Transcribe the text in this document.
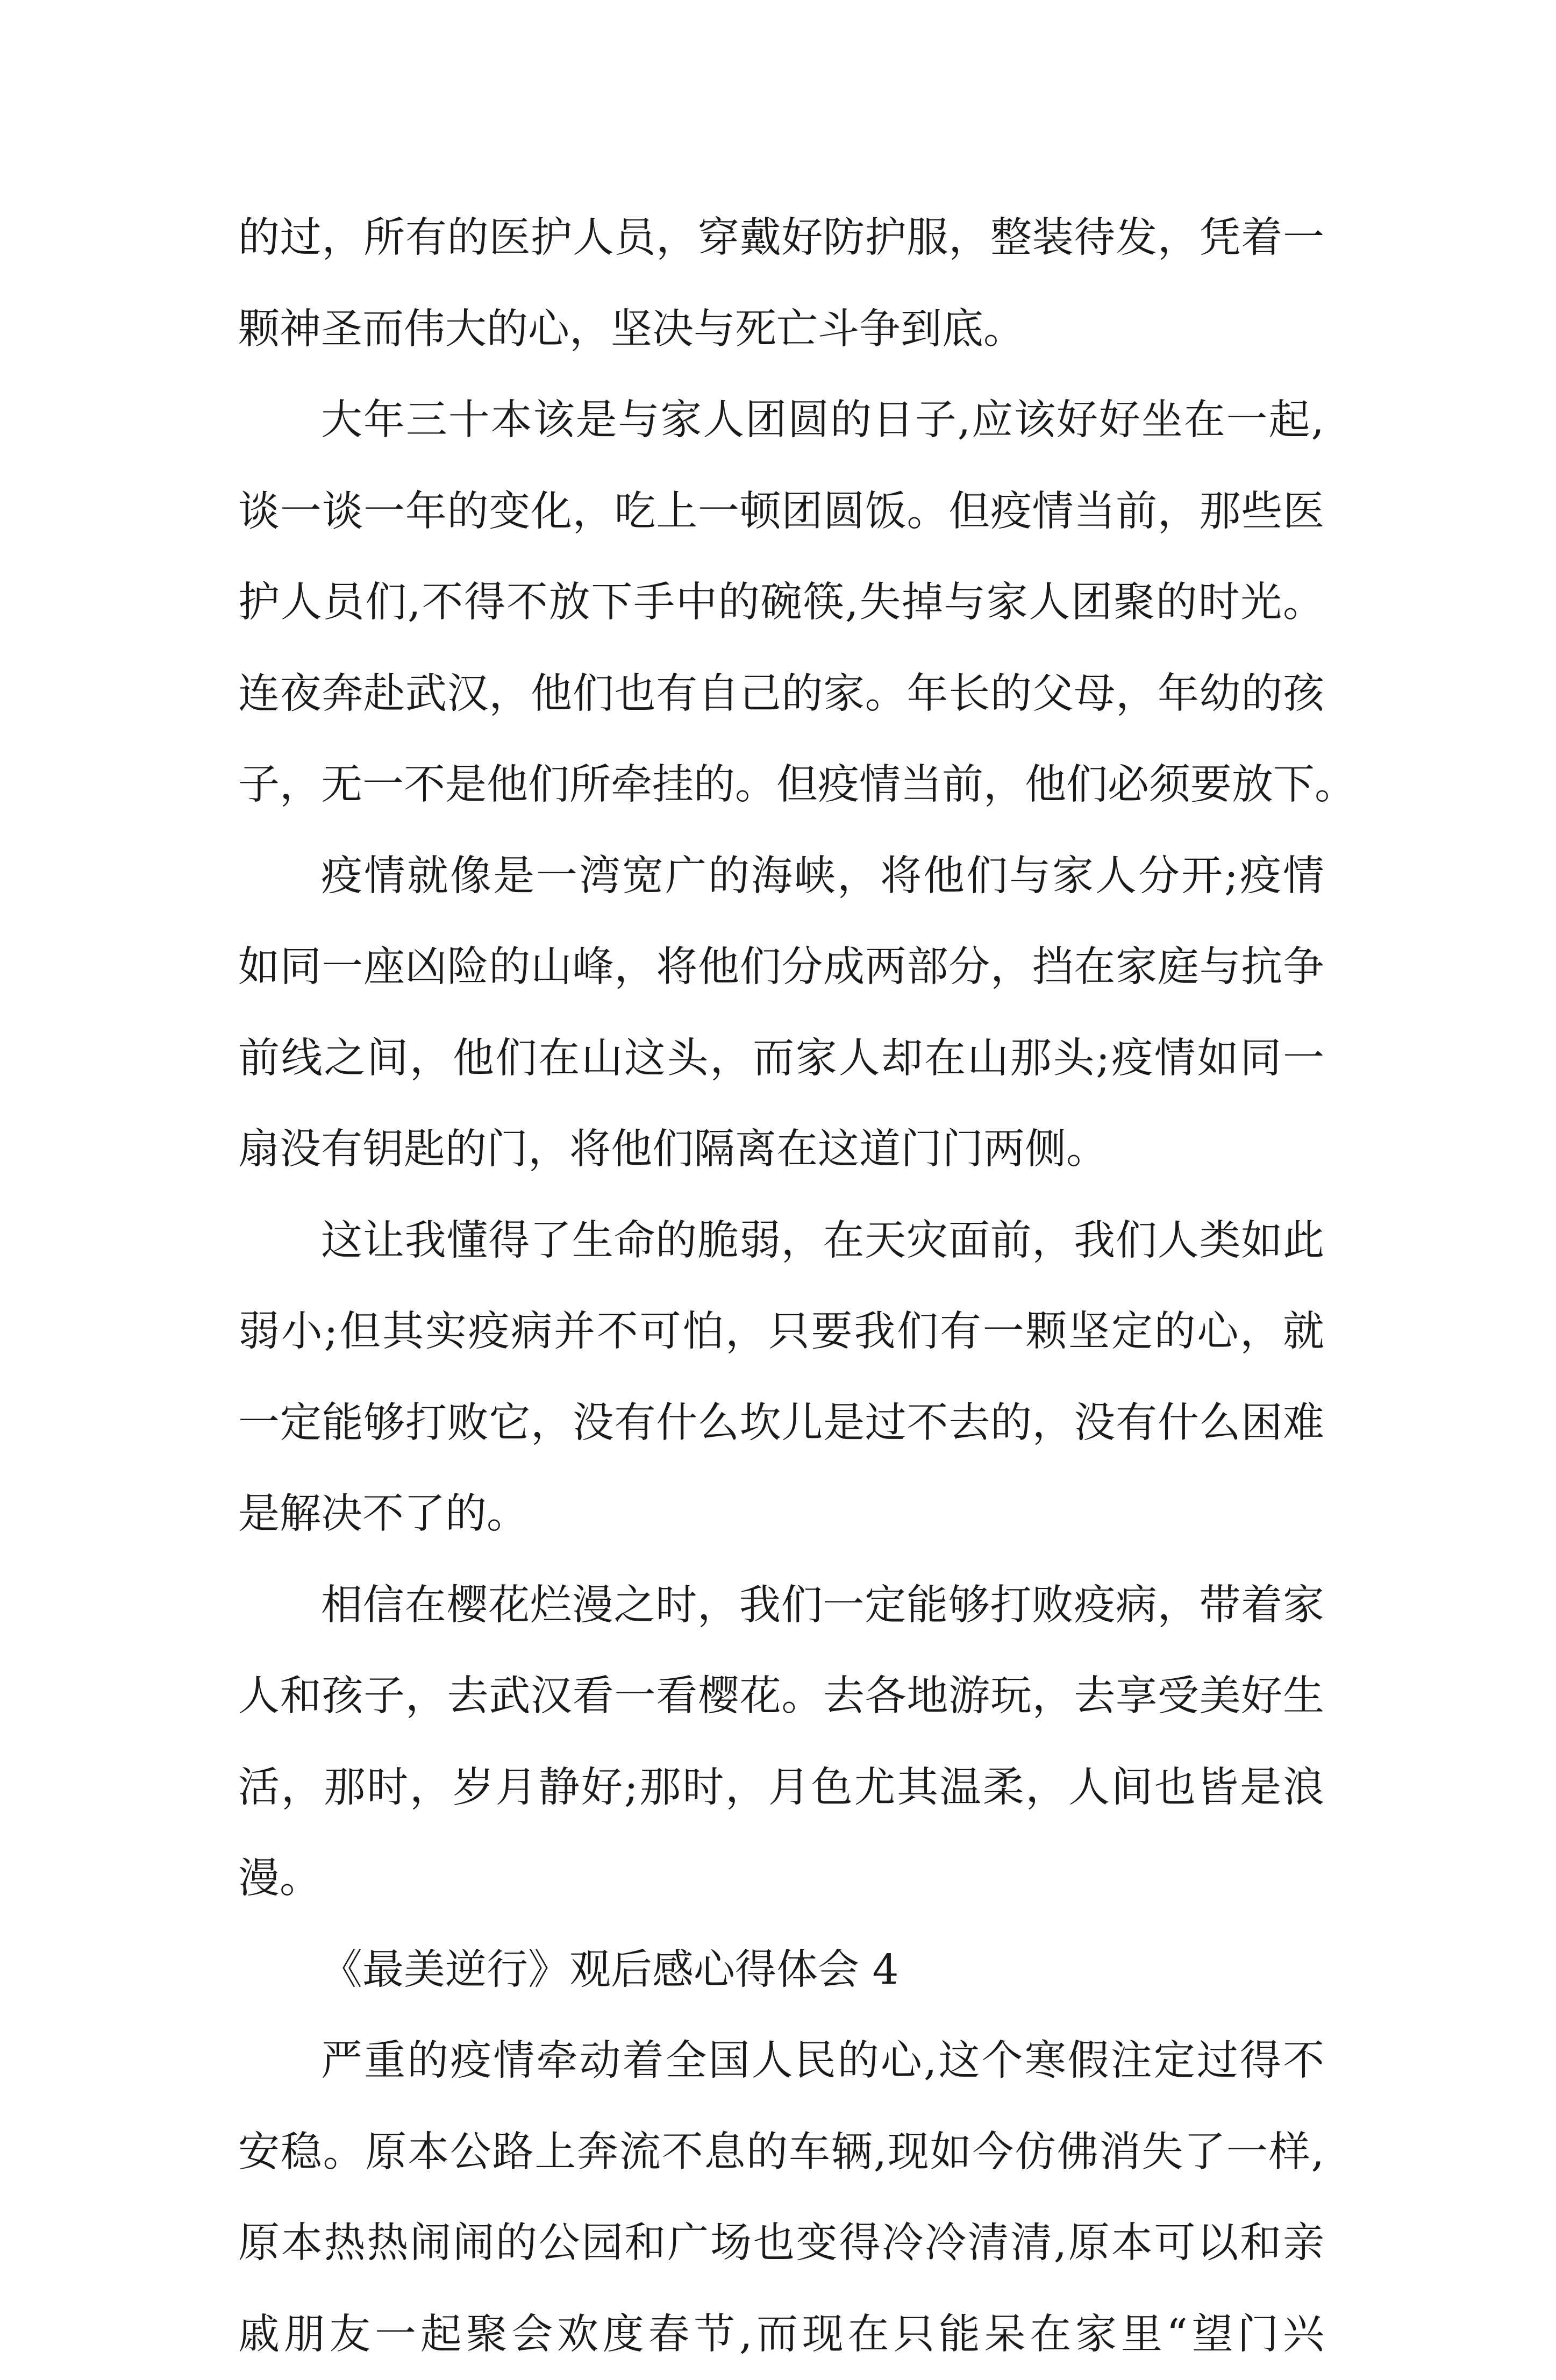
的过，所有的医护人员，穿戴好防护服，整装待发，凭着一
颗神圣而伟大的心，坚决与死亡斗争到底。
大年三十本该是与家人团圆的日子,应该好好坐在一起,
谈一谈一年的变化，吃上一顿团圆饭。但疫情当前，那些医
护人员们,不得不放下手中的碗筷,失掉与家人团聚的时光。
连夜奔赴武汉，他们也有自己的家。年长的父母，年幼的孩
子，无一不是他们所牵挂的。但疫情当前，他们必须要放下。
疫情就像是一湾宽广的海峡，将他们与家人分开;疫情
如同一座凶险的山峰，将他们分成两部分，挡在家庭与抗争
前线之间，他们在山这头，而家人却在山那头;疫情如同一
扇没有钥匙的门，将他们隔离在这道门门两侧。
这让我懂得了生命的脆弱，在天灾面前，我们人类如此
弱小;但其实疫病并不可怕，只要我们有一颗坚定的心，就
一定能够打败它，没有什么坎儿是过不去的，没有什么困难
是解决不了的。
相信在樱花烂漫之时，我们一定能够打败疫病，带着家
人和孩子，去武汉看一看樱花。去各地游玩，去享受美好生
活，那时，岁月静好;那时，月色尤其温柔，人间也皆是浪
漫。
《最美逆行》观后感心得体会 4
严重的疫情牵动着全国人民的心,这个寒假注定过得不
安稳。原本公路上奔流不息的车辆,现如今仿佛消失了一样,
原本热热闹闹的公园和广场也变得冷冷清清,原本可以和亲
戚朋友一起聚会欢度春节,而现在只能呆在家里“望门兴
